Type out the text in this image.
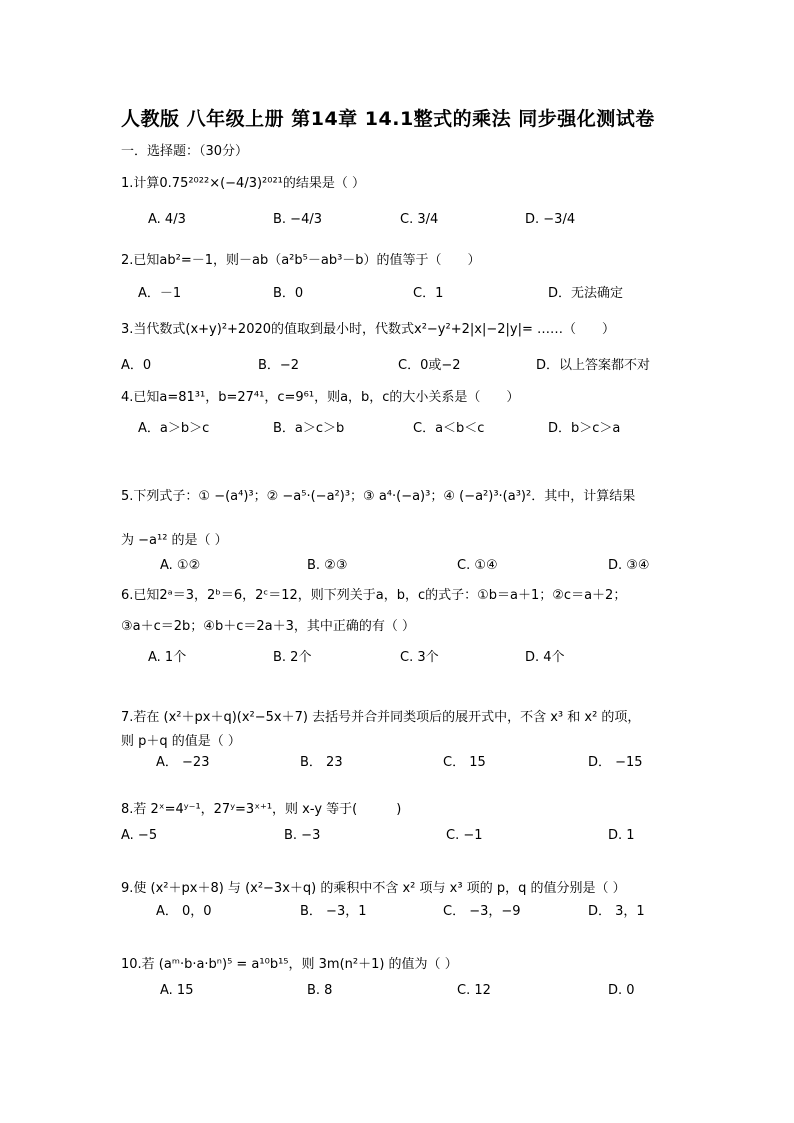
人教版 八年级上册 第14章 14.1整式的乘法 同步强化测试卷
一．选择题：（30分）
1.计算0.75²⁰²²×(−4/3)²⁰²¹的结果是（ ）
A. 4/3	B. −4/3	C. 3/4	D. −3/4
2.已知ab²=－1，则－ab（a²b⁵－ab³－b）的值等于（　　）
A．－1	B．0	C．1	D．无法确定
3.当代数式(x+y)²+2020的值取到最小时，代数式x²−y²+2|x|−2|y|= ……（　　）
A．0	B．−2	C．0或−2	D．以上答案都不对
4.已知a=81³¹，b=27⁴¹，c=9⁶¹，则a，b，c的大小关系是（　　）
A．a＞b＞c	B．a＞c＞b	C．a＜b＜c	D．b＞c＞a
5.下列式子：① −(a⁴)³；② −a⁵·(−a²)³；③ a⁴·(−a)³；④ (−a²)³·(a³)²．其中，计算结果
为 −a¹² 的是（ ）
A. ①②	B. ②③	C. ①④	D. ③④
6.已知2ᵃ＝3，2ᵇ＝6，2ᶜ＝12，则下列关于a，b，c的式子：①b＝a＋1；②c＝a＋2；
③a＋c＝2b；④b＋c＝2a＋3，其中正确的有（ ）
A. 1个	B. 2个	C. 3个	D. 4个
7.若在 (x²＋px＋q)(x²−5x＋7) 去括号并合并同类项后的展开式中，不含 x³ 和 x² 的项，
则 p＋q 的值是（ ）
A． −23	B． 23	C． 15	D． −15
8.若 2ˣ=4ʸ⁻¹，27ʸ=3ˣ⁺¹，则 x-y 等于(　　　)
A. −5	B. −3	C. −1	D. 1
9.使 (x²＋px＋8) 与 (x²−3x＋q) 的乘积中不含 x² 项与 x³ 项的 p，q 的值分别是（ ）
A． 0，0	B． −3，1	C． −3，−9	D． 3，1
10.若 (aᵐ·b·a·bⁿ)⁵ = a¹⁰b¹⁵，则 3m(n²＋1) 的值为（ ）
A. 15	B. 8	C. 12	D. 0
